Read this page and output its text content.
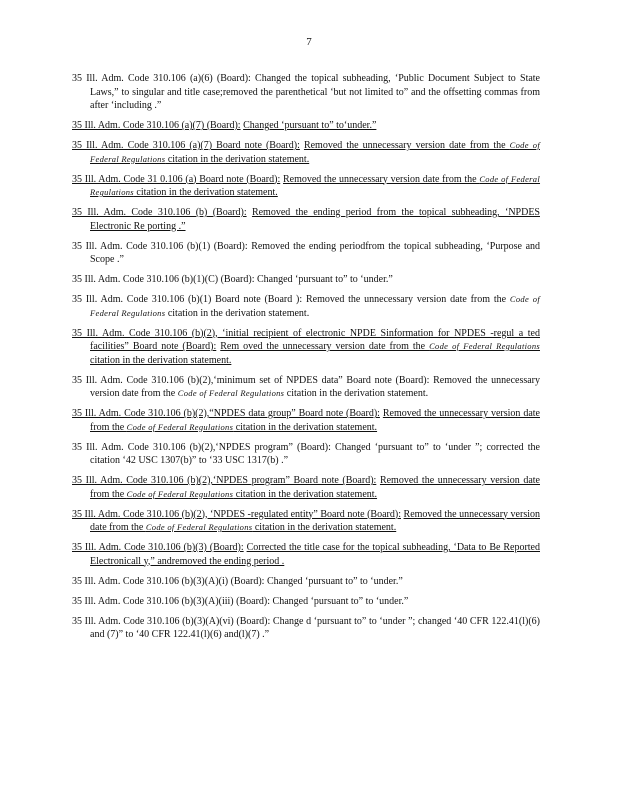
7
35 Ill. Adm. Code 310.106 (a)(6) (Board): Changed the topical subheading, ‘Public Document Subject to State Laws,” to singular and title case;removed the parenthetical ‘but not limited to” and the offsetting commas from after ‘including .”
35 Ill. Adm. Code 310.106 (a)(7) (Board): Changed ‘pursuant to” to‘under.”
35 Ill. Adm. Code 310.106 (a)(7) Board note (Board): Removed the unnecessary version date from the Code of Federal Regulations citation in the derivation statement.
35 Ill. Adm. Code 31 0.106 (a) Board note (Board): Removed the unnecessary version date from the Code of Federal Regulations citation in the derivation statement.
35 Ill. Adm. Code 310.106 (b) (Board): Removed the ending period from the topical subheading, ‘NPDES Electronic Re porting .”
35 Ill. Adm. Code 310.106 (b)(1) (Board): Removed the ending periodfrom the topical subheading, ‘Purpose and Scope .”
35 Ill. Adm. Code 310.106 (b)(1)(C) (Board): Changed ‘pursuant to” to ‘under.”
35 Ill. Adm. Code 310.106 (b)(1) Board note (Board ): Removed the unnecessary version date from the Code of Federal Regulations citation in the derivation statement.
35 Ill. Adm. Code 310.106 (b)(2), ‘initial recipient of electronic NPDE Sinformation for NPDES -regul a ted facilities” Board note (Board): Rem oved the unnecessary version date from the Code of Federal Regulations citation in the derivation statement.
35 Ill. Adm. Code 310.106 (b)(2),‘minimum set of NPDES data” Board note (Board): Removed the unnecessary version date from the Code of Federal Regulations citation in the derivation statement.
35 Ill. Adm. Code 310.106 (b)(2),“NPDES data group” Board note (Board): Removed the unnecessary version date from the Code of Federal Regulations citation in the derivation statement.
35 Ill. Adm. Code 310.106 (b)(2),‘NPDES program” (Board): Changed ‘pursuant to” to ‘under ”; corrected the citation ‘42 USC 1307(b)” to ‘33 USC 1317(b) .”
35 Ill. Adm. Code 310.106 (b)(2),‘NPDES program” Board note (Board): Removed the unnecessary version date from the Code of Federal Regulations citation in the derivation statement.
35 Ill. Adm. Code 310.106 (b)(2), ‘NPDES -regulated entity” Board note (Board): Removed the unnecessary version date from the Code of Federal Regulations citation in the derivation statement.
35 Ill. Adm. Code 310.106 (b)(3) (Board): Corrected the title case for the topical subheading, ‘Data to Be Reported Electronicall y,” andremoved the ending period .
35 Ill. Adm. Code 310.106 (b)(3)(A)(i) (Board): Changed ‘pursuant to” to ‘under.”
35 Ill. Adm. Code 310.106 (b)(3)(A)(iii) (Board): Changed ‘pursuant to” to ‘under.”
35 Ill. Adm. Code 310.106 (b)(3)(A)(vi) (Board): Change d ‘pursuant to” to ‘under ”; changed ‘40 CFR 122.41(l)(6) and (7)” to ‘40 CFR 122.41(l)(6) and(l)(7) .”
